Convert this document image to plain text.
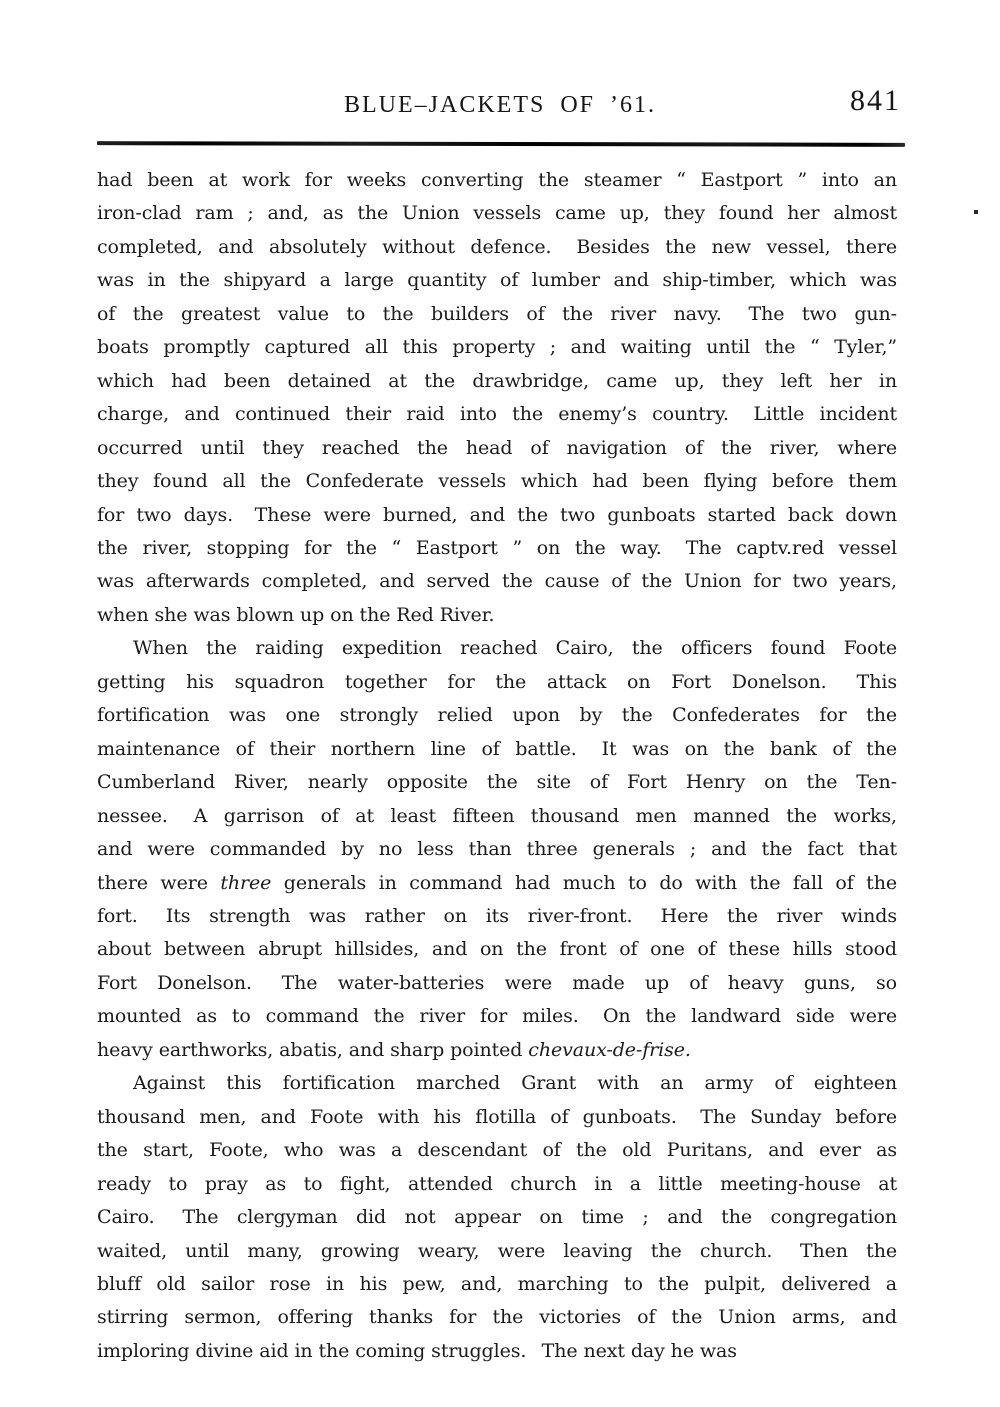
BLUE–JACKETS OF ’61.	841
had been at work for weeks converting the steamer “ Eastport ” into an
iron-clad ram ; and, as the Union vessels came up, they found her almost
completed, and absolutely without defence.  Besides the new vessel, there
was in the shipyard a large quantity of lumber and ship-timber, which was
of the greatest value to the builders of the river navy.  The two gun-
boats promptly captured all this property ; and waiting until the “ Tyler,”
which had been detained at the drawbridge, came up, they left her in
charge, and continued their raid into the enemy’s country.  Little incident
occurred until they reached the head of navigation of the river, where
they found all the Confederate vessels which had been flying before them
for two days.  These were burned, and the two gunboats started back down
the river, stopping for the “ Eastport ” on the way.  The captv.red vessel
was afterwards completed, and served the cause of the Union for two years,
when she was blown up on the Red River.
When the raiding expedition reached Cairo, the officers found Foote
getting his squadron together for the attack on Fort Donelson.  This
fortification was one strongly relied upon by the Confederates for the
maintenance of their northern line of battle.  It was on the bank of the
Cumberland River, nearly opposite the site of Fort Henry on the Ten-
nessee.  A garrison of at least fifteen thousand men manned the works,
and were commanded by no less than three generals ; and the fact that
there were three generals in command had much to do with the fall of the
fort.  Its strength was rather on its river-front.  Here the river winds
about between abrupt hillsides, and on the front of one of these hills stood
Fort Donelson.  The water-batteries were made up of heavy guns, so
mounted as to command the river for miles.  On the landward side were
heavy earthworks, abatis, and sharp pointed chevaux-de-frise.
Against this fortification marched Grant with an army of eighteen
thousand men, and Foote with his flotilla of gunboats.  The Sunday before
the start, Foote, who was a descendant of the old Puritans, and ever as
ready to pray as to fight, attended church in a little meeting-house at
Cairo.  The clergyman did not appear on time ; and the congregation
waited, until many, growing weary, were leaving the church.  Then the
bluff old sailor rose in his pew, and, marching to the pulpit, delivered a
stirring sermon, offering thanks for the victories of the Union arms, and
imploring divine aid in the coming struggles.  The next day he was
